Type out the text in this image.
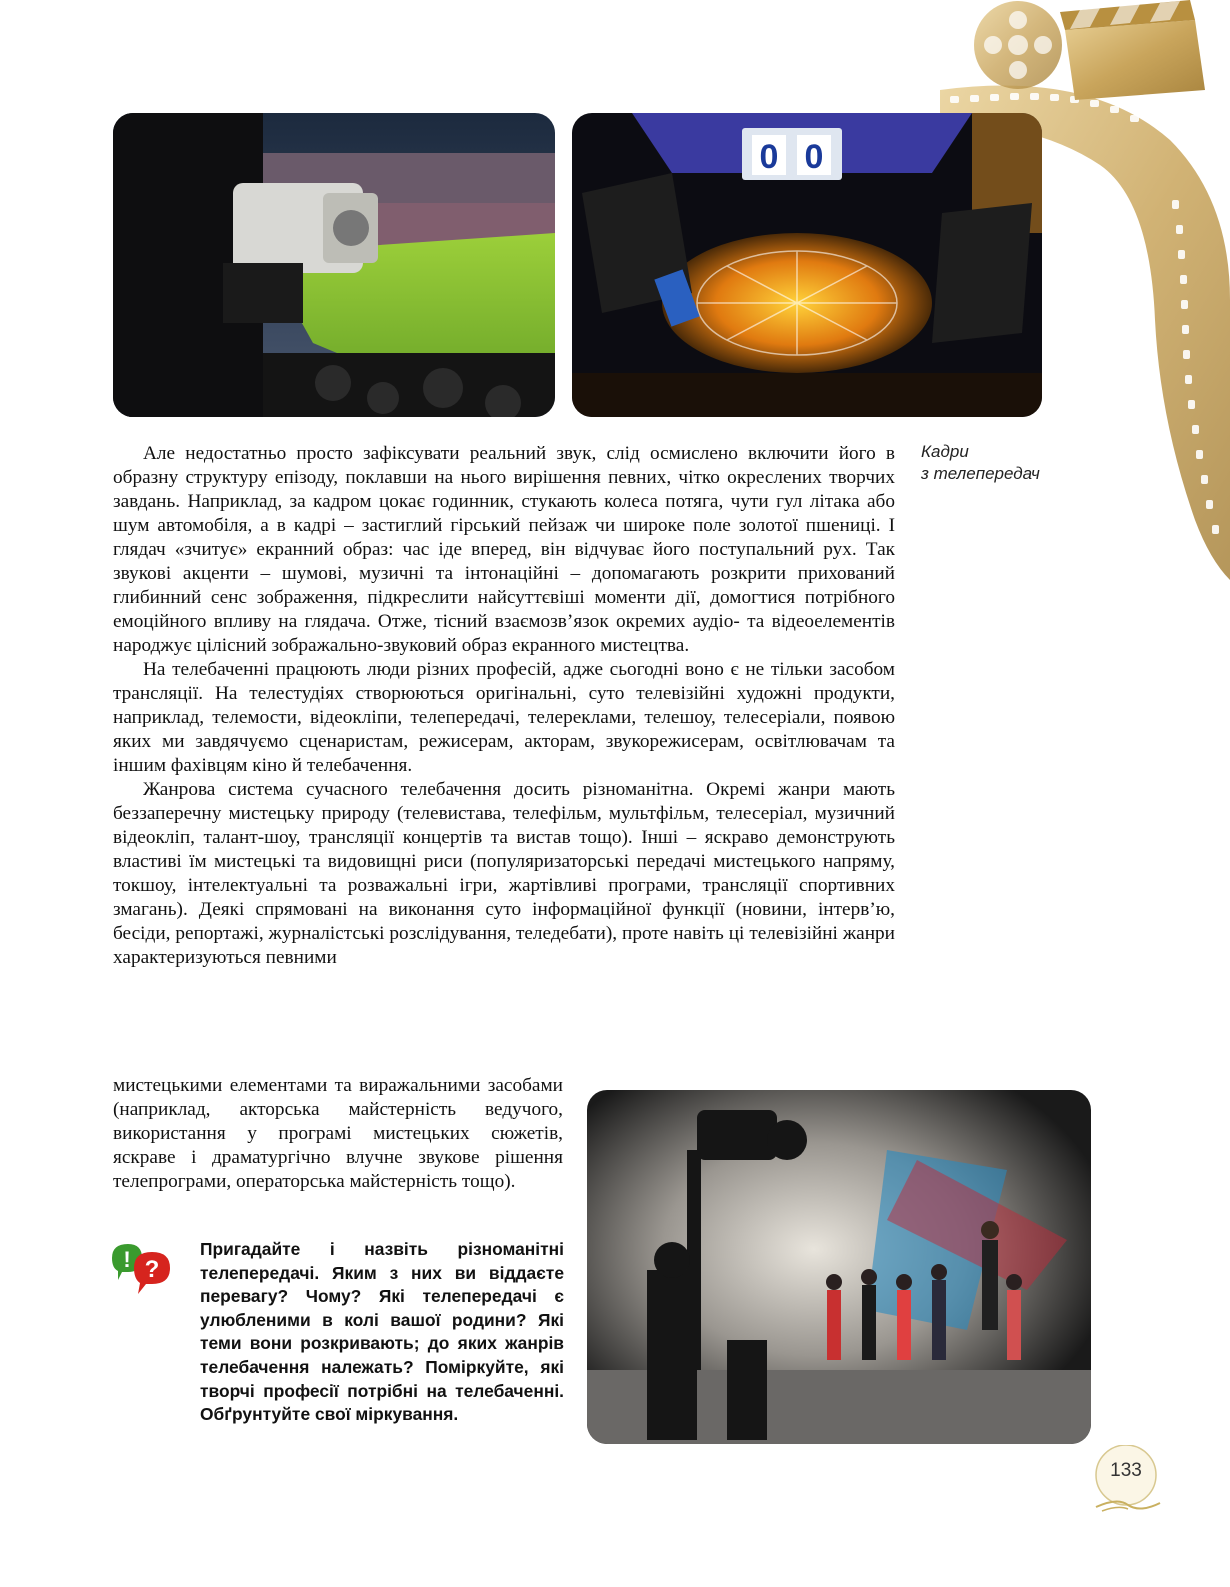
0 0
Кадри
з телепередач

Але недостатньо просто зафіксувати реальний звук, слід осмислено включити його в образну структуру епізоду, поклавши на нього вирішення певних, чітко окреслених творчих завдань. Наприклад, за кадром цокає годинник, стукають колеса потяга, чути гул літака або шум автомобіля, а в кадрі – застиглий гірський пейзаж чи широке поле золотої пшениці. І глядач «зчитує» екранний образ: час іде вперед, він відчуває його поступальний рух. Так звукові акценти – шумові, музичні та інтонаційні – допомагають розкрити прихований глибинний сенс зображення, підкреслити найсуттєвіші моменти дії, домогтися потрібного емоційного впливу на глядача. Отже, тісний взаємозв’язок окремих аудіо- та відеоелементів народжує цілісний зображально-звуковий образ екранного мистецтва.

На телебаченні працюють люди різних професій, адже сьогодні воно є не тільки засобом трансляції. На телестудіях створюються оригінальні, суто телевізійні художні продукти, наприклад, телемости, відеокліпи, телепередачі, телереклами, телешоу, телесеріали, появою яких ми завдячуємо сценаристам, режисерам, акторам, звукорежисерам, освітлювачам та іншим фахівцям кіно й телебачення.

Жанрова система сучасного телебачення досить різноманітна. Окремі жанри мають беззаперечну мистецьку природу (телевистава, телефільм, мультфільм, телесеріал, музичний відеокліп, талант-шоу, трансляції концертів та вистав тощо). Інші – яскраво демонструють властиві їм мистецькі та видовищні риси (популяризаторські передачі мистецького напряму, токшоу, інтелектуальні та розважальні ігри, жартівливі програми, трансляції спортивних змагань). Деякі спрямовані на виконання суто інформаційної функції (новини, інтерв’ю, бесіди, репортажі, журналістські розслідування, теледебати), проте навіть ці телевізійні жанри характеризуються певними

мистецькими елементами та виражальними засобами (наприклад, акторська майстерність ведучого, використання у програмі мистецьких сюжетів, яскраве і драматургічно влучне звукове рішення телепрограми, операторська майстерність тощо).
! ?
Пригадайте і назвіть різноманітні телепередачі. Яким з них ви віддаєте перевагу? Чому? Які телепередачі є улюбленими в колі вашої родини? Які теми вони розкривають; до яких жанрів телебачення належать? Поміркуйте, які творчі професії потрібні на телебаченні. Обґрунтуйте свої міркування.
133
